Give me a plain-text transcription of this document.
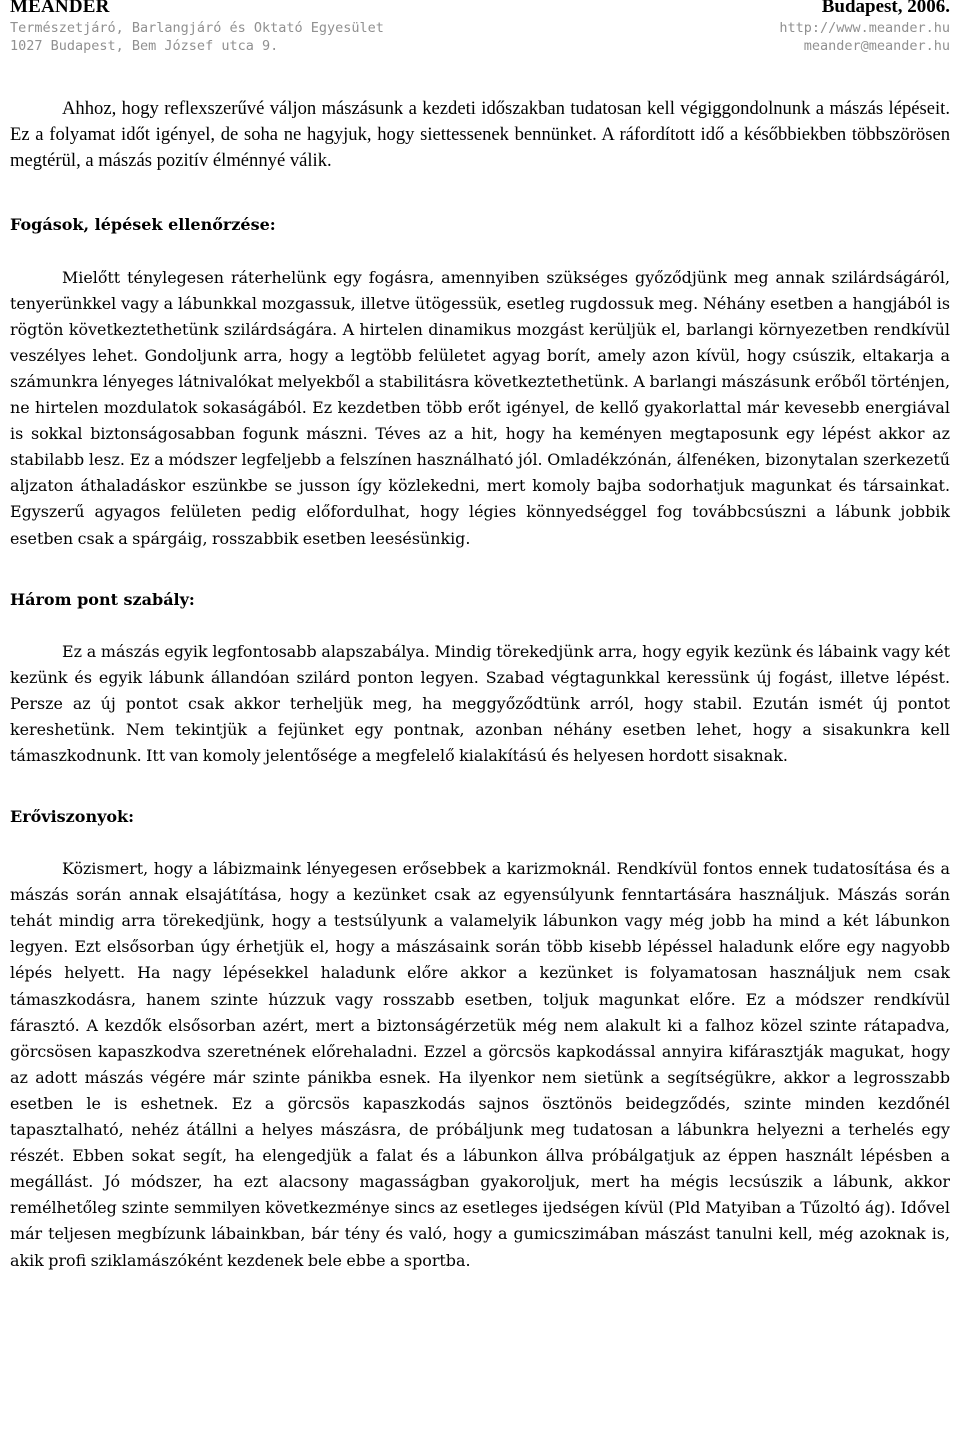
MEANDER	Budapest, 2006.
Természetjáró, Barlangjáró és Oktató Egyesület	http://www.meander.hu
1027 Budapest, Bem József utca 9.	meander@meander.hu

Ahhoz, hogy reflexszerűvé váljon mászásunk a kezdeti időszakban tudatosan kell végiggondolnunk a mászás lépéseit. Ez a folyamat időt igényel, de soha ne hagyjuk, hogy siettessenek bennünket. A ráfordított idő a későbbiekben többszörösen megtérül, a mászás pozitív élménnyé válik.

Fogások, lépések ellenőrzése:

Mielőtt ténylegesen ráterhelünk egy fogásra, amennyiben szükséges győződjünk meg annak szilárdságáról, tenyerünkkel vagy a lábunkkal mozgassuk, illetve ütögessük, esetleg rugdossuk meg. Néhány esetben a hangjából is rögtön következtethetünk szilárdságára. A hirtelen dinamikus mozgást kerüljük el, barlangi környezetben rendkívül veszélyes lehet. Gondoljunk arra, hogy a legtöbb felületet agyag borít, amely azon kívül, hogy csúszik, eltakarja a számunkra lényeges látnivalókat melyekből a stabilitásra következtethetünk. A barlangi mászásunk erőből történjen, ne hirtelen mozdulatok sokaságából. Ez kezdetben több erőt igényel, de kellő gyakorlattal már kevesebb energiával is sokkal biztonságosabban fogunk mászni. Téves az a hit, hogy ha keményen megtaposunk egy lépést akkor az stabilabb lesz. Ez a módszer legfeljebb a felszínen használható jól. Omladékzónán, álfenéken, bizonytalan szerkezetű aljzaton áthaladáskor eszünkbe se jusson így közlekedni, mert komoly bajba sodorhatjuk magunkat és társainkat. Egyszerű agyagos felületen pedig előfordulhat, hogy légies könnyedséggel fog továbbcsúszni a lábunk jobbik esetben csak a spárgáig, rosszabbik esetben leesésünkig.

Három pont szabály:

Ez a mászás egyik legfontosabb alapszabálya. Mindig törekedjünk arra, hogy egyik kezünk és lábaink vagy két kezünk és egyik lábunk állandóan szilárd ponton legyen. Szabad végtagunkkal keressünk új fogást, illetve lépést. Persze az új pontot csak akkor terheljük meg, ha meggyőződtünk arról, hogy stabil. Ezután ismét új pontot kereshetünk. Nem tekintjük a fejünket egy pontnak, azonban néhány esetben lehet, hogy a sisakunkra kell támaszkodnunk. Itt van komoly jelentősége a megfelelő kialakítású és helyesen hordott sisaknak.

Erőviszonyok:

Közismert, hogy a lábizmaink lényegesen erősebbek a karizmoknál. Rendkívül fontos ennek tudatosítása és a mászás során annak elsajátítása, hogy a kezünket csak az egyensúlyunk fenntartására használjuk. Mászás során tehát mindig arra törekedjünk, hogy a testsúlyunk a valamelyik lábunkon vagy még jobb ha mind a két lábunkon legyen. Ezt elsősorban úgy érhetjük el, hogy a mászásaink során több kisebb lépéssel haladunk előre egy nagyobb lépés helyett. Ha nagy lépésekkel haladunk előre akkor a kezünket is folyamatosan használjuk nem csak támaszkodásra, hanem szinte húzzuk vagy rosszabb esetben, toljuk magunkat előre. Ez a módszer rendkívül fárasztó. A kezdők elsősorban azért, mert a biztonságérzetük még nem alakult ki a falhoz közel szinte rátapadva, görcsösen kapaszkodva szeretnének előrehaladni. Ezzel a görcsös kapkodással annyira kifárasztják magukat, hogy az adott mászás végére már szinte pánikba esnek. Ha ilyenkor nem sietünk a segítségükre, akkor a legrosszabb esetben le is eshetnek. Ez a görcsös kapaszkodás sajnos ösztönös beidegződés, szinte minden kezdőnél tapasztalható, nehéz átállni a helyes mászásra, de próbáljunk meg tudatosan a lábunkra helyezni a terhelés egy részét. Ebben sokat segít, ha elengedjük a falat és a lábunkon állva próbálgatjuk az éppen használt lépésben a megállást. Jó módszer, ha ezt alacsony magasságban gyakoroljuk, mert ha mégis lecsúszik a lábunk, akkor remélhetőleg szinte semmilyen következménye sincs az esetleges ijedségen kívül (Pld Matyiban a Tűzoltó ág). Idővel már teljesen megbízunk lábainkban, bár tény és való, hogy a gumicszimában mászást tanulni kell, még azoknak is, akik profi sziklamászóként kezdenek bele ebbe a sportba.
